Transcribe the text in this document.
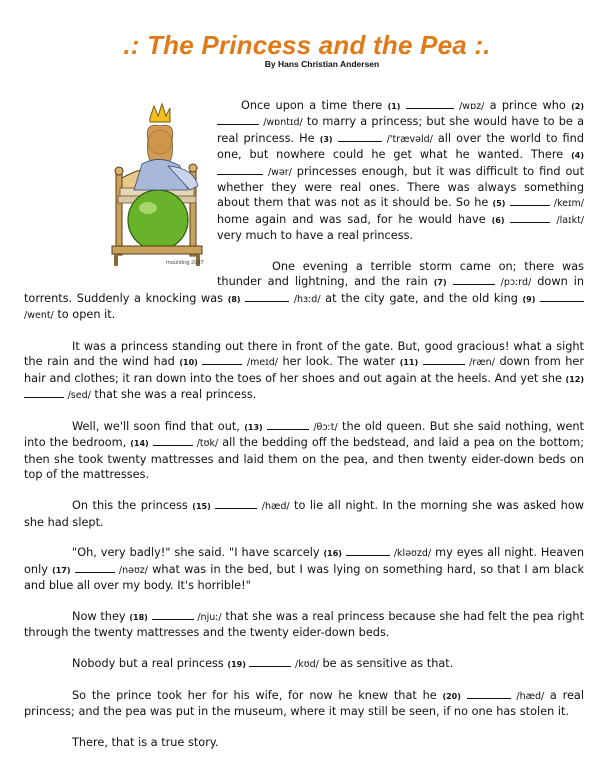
.: The Princess and the Pea :.
By Hans Christian Andersen
moulding 2007

Once upon a time there (1)	/wɒz/ a prince who (2)  /wɒntɪd/ to marry a princess; but she would have to be a real princess. He (3)	/'trævəld/ all over the world to find one, but nowhere could he get what he wanted. There (4)  /wər/ princesses enough, but it was difficult to find out whether they were real ones. There was always something about them that was not as it should be. So he (5)	/keɪm/ home again and was sad, for he would have (6)	/laɪkt/ very much to have a real princess.

One evening a terrible storm came on; there was thunder and lightning, and the rain (7)	/pɔːrd/ down in torrents. Suddenly a knocking was (8)	/hɜːd/ at the city gate, and the old king (9)  /went/ to open it.

It was a princess standing out there in front of the gate. But, good gracious! what a sight the rain and the wind had (10)	/meɪd/ her look. The water (11)	/ræn/ down from her hair and clothes; it ran down into the toes of her shoes and out again at the heels. And yet she (12)  /sed/ that she was a real princess.

Well, we'll soon find that out, (13)	/θɔːt/ the old queen. But she said nothing, went into the bedroom, (14)	/tʊk/ all the bedding off the bedstead, and laid a pea on the bottom; then she took twenty mattresses and laid them on the pea, and then twenty eider-down beds on top of the mattresses.

On this the princess (15)	/hæd/ to lie all night. In the morning she was asked how she had slept.

"Oh, very badly!" she said. "I have scarcely (16)	/kləʊzd/ my eyes all night. Heaven only (17)	/nəʊz/ what was in the bed, but I was lying on something hard, so that I am black and blue all over my body. It's horrible!"

Now they (18)	/njuː/ that she was a real princess because she had felt the pea right through the twenty mattresses and the twenty eider-down beds.

Nobody but a real princess (19)	/kʊd/ be as sensitive as that.

So the prince took her for his wife, for now he knew that he (20)	/hæd/ a real princess; and the pea was put in the museum, where it may still be seen, if no one has stolen it.

There, that is a true story.
